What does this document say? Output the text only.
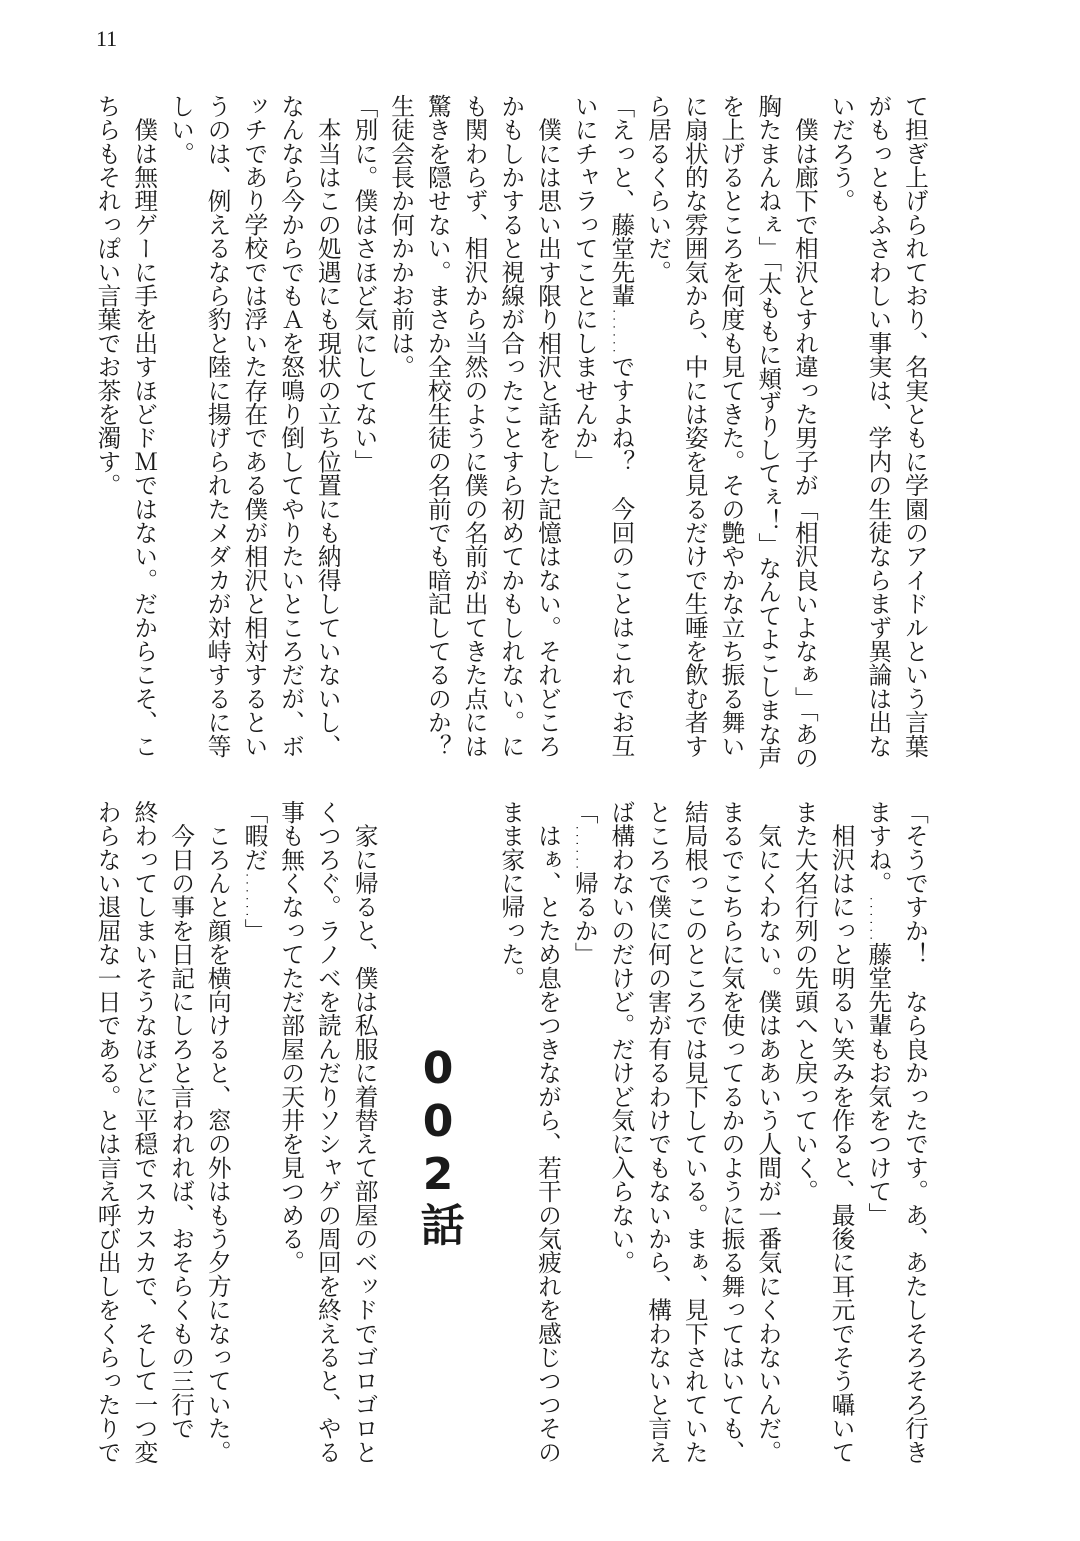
11
て担ぎ上げられており、名実ともに学園のアイドルという言葉
がもっともふさわしい事実は、学内の生徒ならまず異論は出な
いだろう。
　僕は廊下で相沢とすれ違った男子が「相沢良いよなぁ」「あの
胸たまんねぇ」「太ももに頬ずりしてぇ！」なんてよこしまな声
を上げるところを何度も見てきた。その艶やかな立ち振る舞い
に扇状的な雰囲気から、中には姿を見るだけで生唾を飲む者す
ら居るくらいだ。
「えっと、藤堂先輩……ですよね？　今回のことはこれでお互
いにチャラってことにしませんか」
　僕には思い出す限り相沢と話をした記憶はない。それどころ
かもしかすると視線が合ったことすら初めてかもしれない。に
も関わらず、相沢から当然のように僕の名前が出てきた点には
驚きを隠せない。まさか全校生徒の名前でも暗記してるのか？
生徒会長か何かかお前は。
「別に。僕はさほど気にしてない」
　本当はこの処遇にも現状の立ち位置にも納得していないし、
なんなら今からでもＡを怒鳴り倒してやりたいところだが、ボ
ッチであり学校では浮いた存在である僕が相沢と相対するとい
うのは、例えるなら豹と陸に揚げられたメダカが対峙するに等
しい。
　僕は無理ゲーに手を出すほどドＭではない。だからこそ、こ
ちらもそれっぽい言葉でお茶を濁す。
「そうですか！　なら良かったです。あ、あたしそろそろ行き
ますね。……藤堂先輩もお気をつけて」
　相沢はにっと明るい笑みを作ると、最後に耳元でそう囁いて
また大名行列の先頭へと戻っていく。
　気にくわない。僕はああいう人間が一番気にくわないんだ。
まるでこちらに気を使ってるかのように振る舞ってはいても、
結局根っこのところでは見下している。まぁ、見下されていた
ところで僕に何の害が有るわけでもないから、構わないと言え
ば構わないのだけど。だけど気に入らない。
「……帰るか」
　はぁ、とため息をつきながら、若干の気疲れを感じつつその
まま家に帰った。
002話
　家に帰ると、僕は私服に着替えて部屋のベッドでゴロゴロと
くつろぐ。ラノベを読んだりソシャゲの周回を終えると、やる
事も無くなってただ部屋の天井を見つめる。
「暇だ……」
　ころんと顔を横向けると、窓の外はもう夕方になっていた。
　今日の事を日記にしろと言われれば、おそらくもの三行で
終わってしまいそうなほどに平穏でスカスカで、そして一つ変
わらない退屈な一日である。とは言え呼び出しをくらったりで
